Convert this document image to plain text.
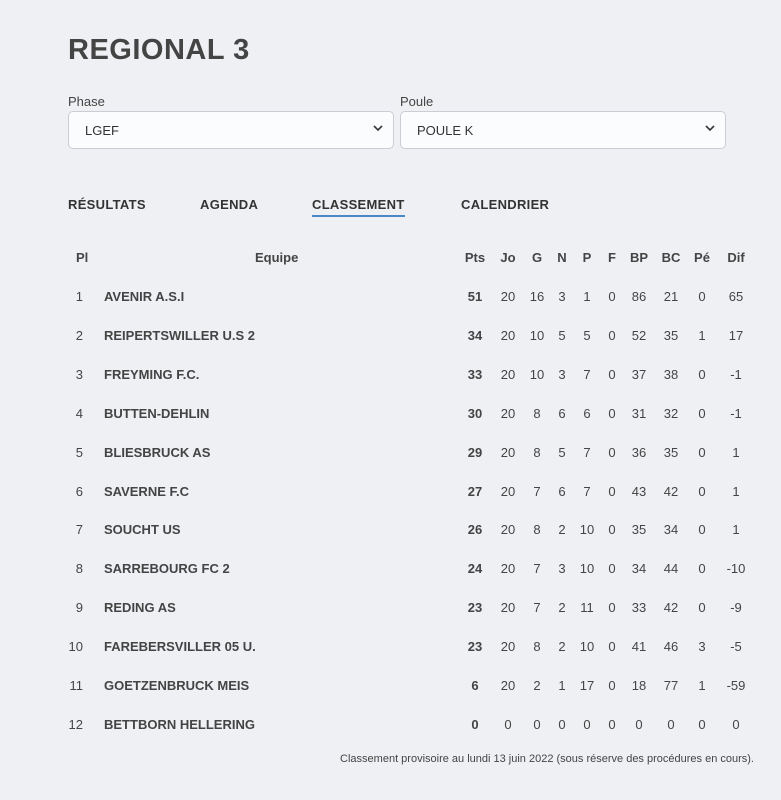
REGIONAL 3
Phase
LGEF
Poule
POULE K
RÉSULTATS	AGENDA	CLASSEMENT	CALENDRIER
Pl	Equipe	Pts	Jo	G	N	P	F	BP	BC	Pé	Dif
1 AVENIR A.S.I	51	20	16	3	1	0	86	21	0	65
2 REIPERTSWILLER U.S 2	34	20	10	5	5	0	52	35	1	17
3 FREYMING F.C.	33	20	10	3	7	0	37	38	0	-1
4 BUTTEN-DEHLIN	30	20	8	6	6	0	31	32	0	-1
5 BLIESBRUCK AS	29	20	8	5	7	0	36	35	0	1
6 SAVERNE F.C	27	20	7	6	7	0	43	42	0	1
7 SOUCHT US	26	20	8	2	10	0	35	34	0	1
8 SARREBOURG FC 2	24	20	7	3	10	0	34	44	0	-10
9 REDING AS	23	20	7	2	11	0	33	42	0	-9
10 FAREBERSVILLER 05 U.	23	20	8	2	10	0	41	46	3	-5
11 GOETZENBRUCK MEIS	6	20	2	1	17	0	18	77	1	-59
12 BETTBORN HELLERING	0	0	0	0	0	0	0	0	0	0
Classement provisoire au lundi 13 juin 2022 (sous réserve des procédures en cours).
